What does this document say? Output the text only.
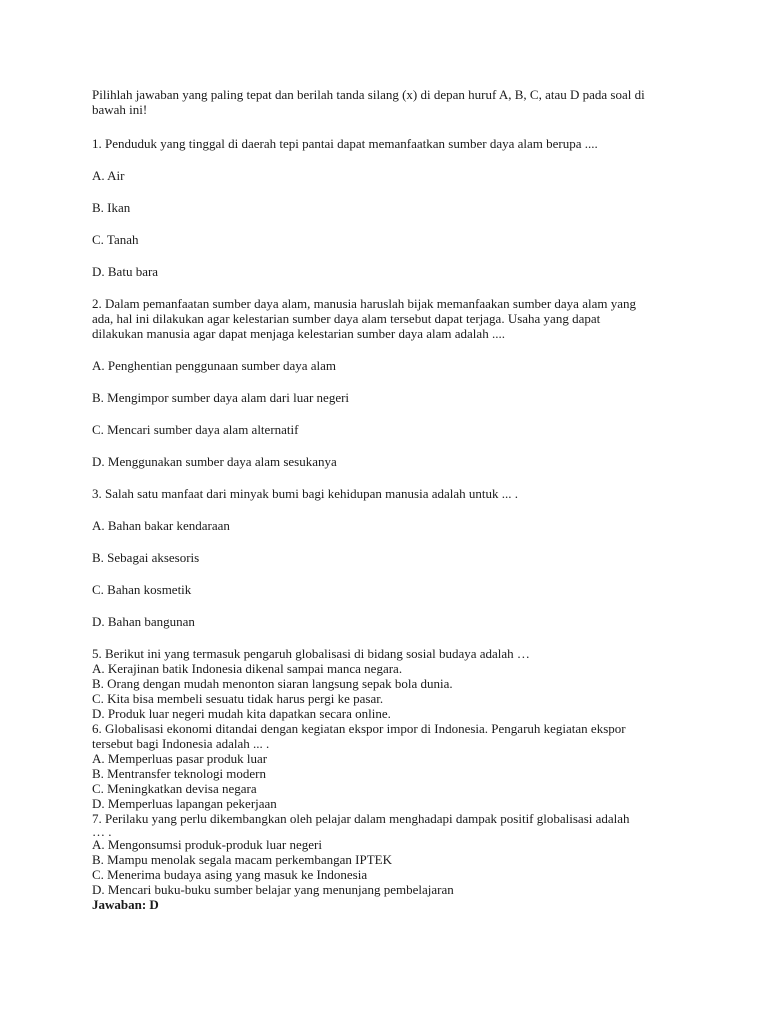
Pilihlah jawaban yang paling tepat dan berilah tanda silang (x) di depan huruf A, B, C, atau D pada soal di
bawah ini!
1. Penduduk yang tinggal di daerah tepi pantai dapat memanfaatkan sumber daya alam berupa ....
A. Air
B. Ikan
C. Tanah
D. Batu bara
2. Dalam pemanfaatan sumber daya alam, manusia haruslah bijak memanfaakan sumber daya alam yang
ada, hal ini dilakukan agar kelestarian sumber daya alam tersebut dapat terjaga. Usaha yang dapat
dilakukan manusia agar dapat menjaga kelestarian sumber daya alam adalah ....
A. Penghentian penggunaan sumber daya alam
B. Mengimpor sumber daya alam dari luar negeri
C. Mencari sumber daya alam alternatif
D. Menggunakan sumber daya alam sesukanya
3. Salah satu manfaat dari minyak bumi bagi kehidupan manusia adalah untuk ... .
A. Bahan bakar kendaraan
B. Sebagai aksesoris
C. Bahan kosmetik
D. Bahan bangunan
5. Berikut ini yang termasuk pengaruh globalisasi di bidang sosial budaya adalah …
A. Kerajinan batik Indonesia dikenal sampai manca negara.
B. Orang dengan mudah menonton siaran langsung sepak bola dunia.
C. Kita bisa membeli sesuatu tidak harus pergi ke pasar.
D. Produk luar negeri mudah kita dapatkan secara online.
6. Globalisasi ekonomi ditandai dengan kegiatan ekspor impor di Indonesia. Pengaruh kegiatan ekspor
tersebut bagi Indonesia adalah ... .
A. Memperluas pasar produk luar
B. Mentransfer teknologi modern
C. Meningkatkan devisa negara
D. Memperluas lapangan pekerjaan
7. Perilaku yang perlu dikembangkan oleh pelajar dalam menghadapi dampak positif globalisasi adalah
… .
A. Mengonsumsi produk-produk luar negeri
B. Mampu menolak segala macam perkembangan IPTEK
C. Menerima budaya asing yang masuk ke Indonesia
D. Mencari buku-buku sumber belajar yang menunjang pembelajaran
Jawaban: D
